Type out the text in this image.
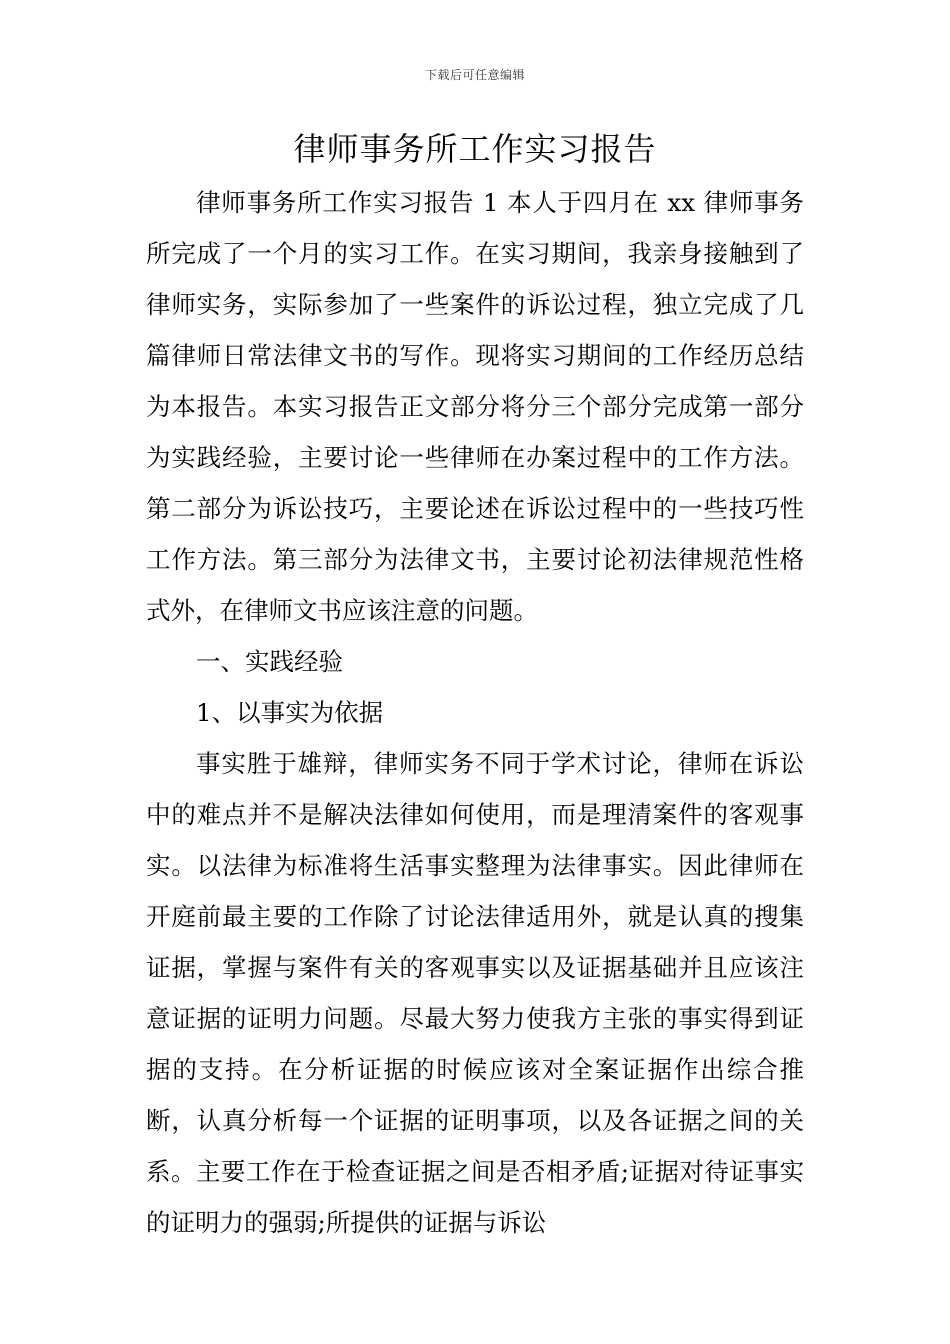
下载后可任意编辑
律师事务所工作实习报告

律师事务所工作实习报告 1 本人于四月在 xx 律师事务所完成了一个月的实习工作。在实习期间，我亲身接触到了律师实务，实际参加了一些案件的诉讼过程，独立完成了几篇律师日常法律文书的写作。现将实习期间的工作经历总结为本报告。本实习报告正文部分将分三个部分完成第一部分为实践经验，主要讨论一些律师在办案过程中的工作方法。第二部分为诉讼技巧，主要论述在诉讼过程中的一些技巧性工作方法。第三部分为法律文书，主要讨论初法律规范性格式外，在律师文书应该注意的问题。

一、实践经验

1、以事实为依据

事实胜于雄辩，律师实务不同于学术讨论，律师在诉讼中的难点并不是解决法律如何使用，而是理清案件的客观事实。以法律为标准将生活事实整理为法律事实。因此律师在开庭前最主要的工作除了讨论法律适用外，就是认真的搜集证据，掌握与案件有关的客观事实以及证据基础并且应该注意证据的证明力问题。尽最大努力使我方主张的事实得到证据的支持。在分析证据的时候应该对全案证据作出综合推断，认真分析每一个证据的证明事项，以及各证据之间的关系。主要工作在于检查证据之间是否相矛盾;证据对待证事实的证明力的强弱;所提供的证据与诉讼
